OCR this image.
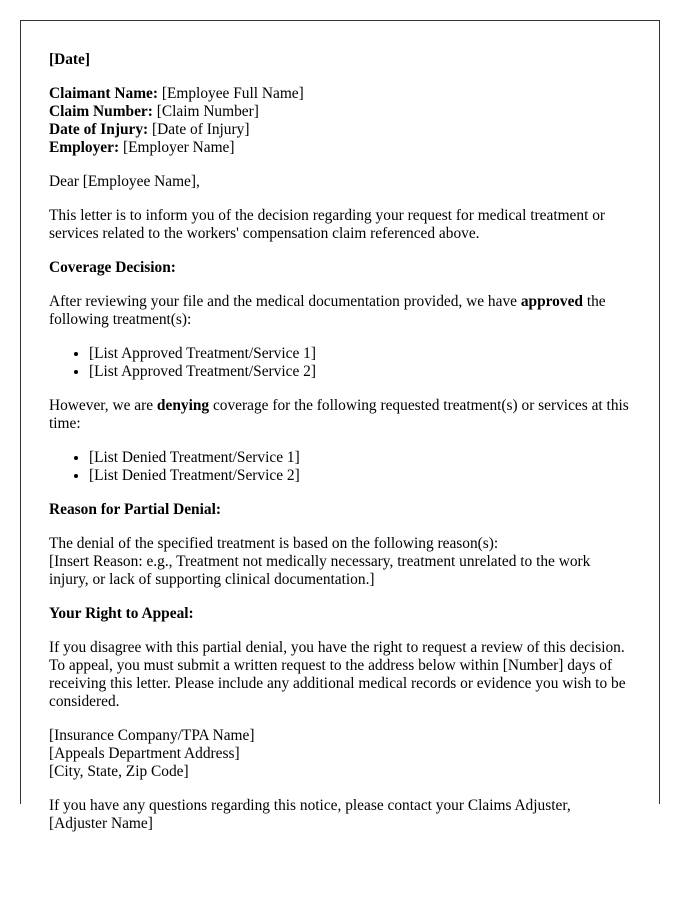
[Date]

Claimant Name: [Employee Full Name]
Claim Number: [Claim Number]
Date of Injury: [Date of Injury]
Employer: [Employer Name]

Dear [Employee Name],

This letter is to inform you of the decision regarding your request for medical treatment or services related to the workers' compensation claim referenced above.

Coverage Decision:

After reviewing your file and the medical documentation provided, we have approved the following treatment(s):

• [List Approved Treatment/Service 1]
• [List Approved Treatment/Service 2]

However, we are denying coverage for the following requested treatment(s) or services at this time:

• [List Denied Treatment/Service 1]
• [List Denied Treatment/Service 2]

Reason for Partial Denial:

The denial of the specified treatment is based on the following reason(s):
[Insert Reason: e.g., Treatment not medically necessary, treatment unrelated to the work injury, or lack of supporting clinical documentation.]

Your Right to Appeal:

If you disagree with this partial denial, you have the right to request a review of this decision. To appeal, you must submit a written request to the address below within [Number] days of receiving this letter. Please include any additional medical records or evidence you wish to be considered.

[Insurance Company/TPA Name]
[Appeals Department Address]
[City, State, Zip Code]

If you have any questions regarding this notice, please contact your Claims Adjuster, [Adjuster Name]
